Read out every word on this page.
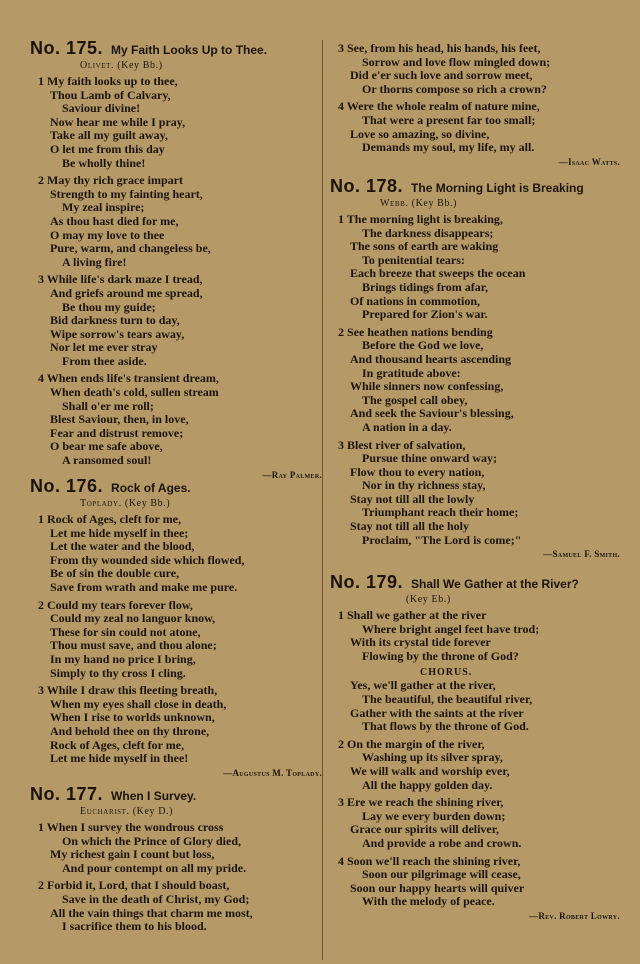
No. 175. My Faith Looks Up to Thee.
Olivet. (Key Bb.)
1 My faith looks up to thee,
Thou Lamb of Calvary,
Saviour divine!
Now hear me while I pray,
Take all my guilt away,
O let me from this day
Be wholly thine!
2 May thy rich grace impart
Strength to my fainting heart,
My zeal inspire;
As thou hast died for me,
O may my love to thee
Pure, warm, and changeless be,
A living fire!
3 While life's dark maze I tread,
And griefs around me spread,
Be thou my guide;
Bid darkness turn to day,
Wipe sorrow's tears away,
Nor let me ever stray
From thee aside.
4 When ends life's transient dream,
When death's cold, sullen stream
Shall o'er me roll;
Blest Saviour, then, in love,
Fear and distrust remove;
O bear me safe above,
A ransomed soul!
—Ray Palmer.
No. 176. Rock of Ages.
Toplady. (Key Bb.)
1 Rock of Ages, cleft for me,
Let me hide myself in thee;
Let the water and the blood,
From thy wounded side which flowed,
Be of sin the double cure,
Save from wrath and make me pure.
2 Could my tears forever flow,
Could my zeal no languor know,
These for sin could not atone,
Thou must save, and thou alone;
In my hand no price I bring,
Simply to thy cross I cling.
3 While I draw this fleeting breath,
When my eyes shall close in death,
When I rise to worlds unknown,
And behold thee on thy throne,
Rock of Ages, cleft for me,
Let me hide myself in thee!
—Augustus M. Toplady.
No. 177. When I Survey.
Eucharist. (Key D.)
1 When I survey the wondrous cross
On which the Prince of Glory died,
My richest gain I count but loss,
And pour contempt on all my pride.
2 Forbid it, Lord, that I should boast,
Save in the death of Christ, my God;
All the vain things that charm me most,
I sacrifice them to his blood.
3 See, from his head, his hands, his feet,
Sorrow and love flow mingled down;
Did e'er such love and sorrow meet,
Or thorns compose so rich a crown?
4 Were the whole realm of nature mine,
That were a present far too small;
Love so amazing, so divine,
Demands my soul, my life, my all.
—Isaac Watts.
No. 178. The Morning Light is Breaking
Webb. (Key Bb.)
1 The morning light is breaking,
The darkness disappears;
The sons of earth are waking
To penitential tears:
Each breeze that sweeps the ocean
Brings tidings from afar,
Of nations in commotion,
Prepared for Zion's war.
2 See heathen nations bending
Before the God we love,
And thousand hearts ascending
In gratitude above:
While sinners now confessing,
The gospel call obey,
And seek the Saviour's blessing,
A nation in a day.
3 Blest river of salvation,
Pursue thine onward way;
Flow thou to every nation,
Nor in thy richness stay,
Stay not till all the lowly
Triumphant reach their home;
Stay not till all the holy
Proclaim, "The Lord is come;"
—Samuel F. Smith.
No. 179. Shall We Gather at the River?
(Key Eb.)
1 Shall we gather at the river
Where bright angel feet have trod;
With its crystal tide forever
Flowing by the throne of God?
CHORUS.
Yes, we'll gather at the river,
The beautiful, the beautiful river,
Gather with the saints at the river
That flows by the throne of God.
2 On the margin of the river,
Washing up its silver spray,
We will walk and worship ever,
All the happy golden day.
3 Ere we reach the shining river,
Lay we every burden down;
Grace our spirits will deliver,
And provide a robe and crown.
4 Soon we'll reach the shining river,
Soon our pilgrimage will cease,
Soon our happy hearts will quiver
With the melody of peace.
—Rev. Robert Lowry.
